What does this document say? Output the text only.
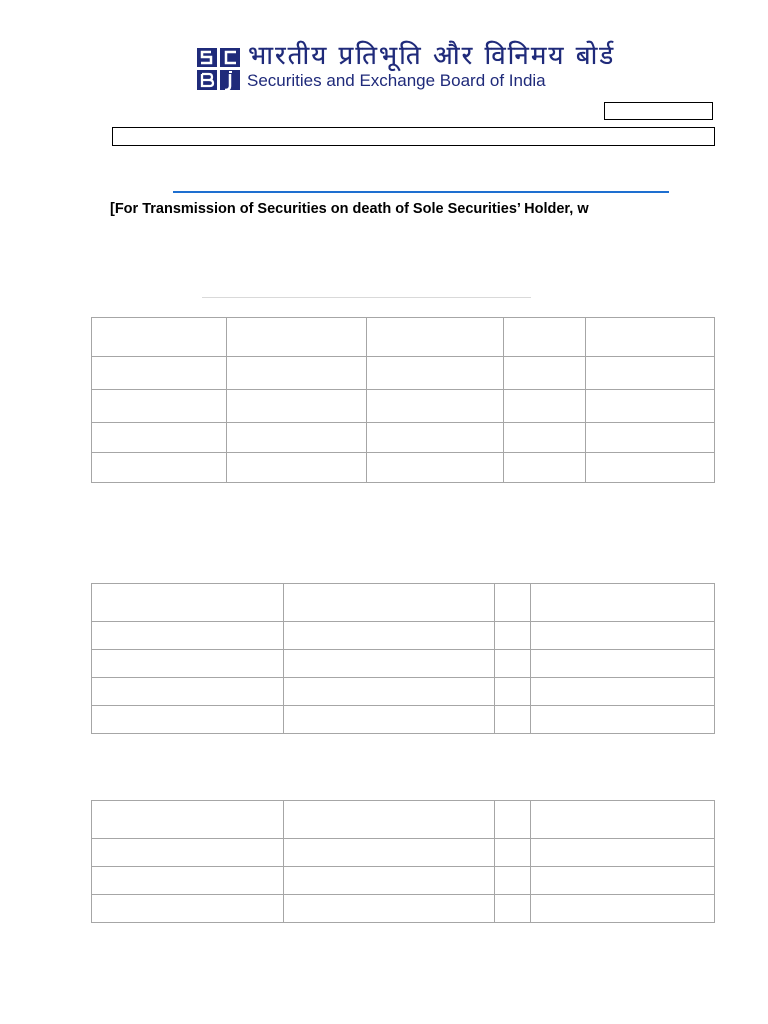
भारतीय प्रतिभूति और विनिमय बोर्ड
Securities and Exchange Board of India
[For Transmission of Securities on death of Sole Securities’ Holder, w
